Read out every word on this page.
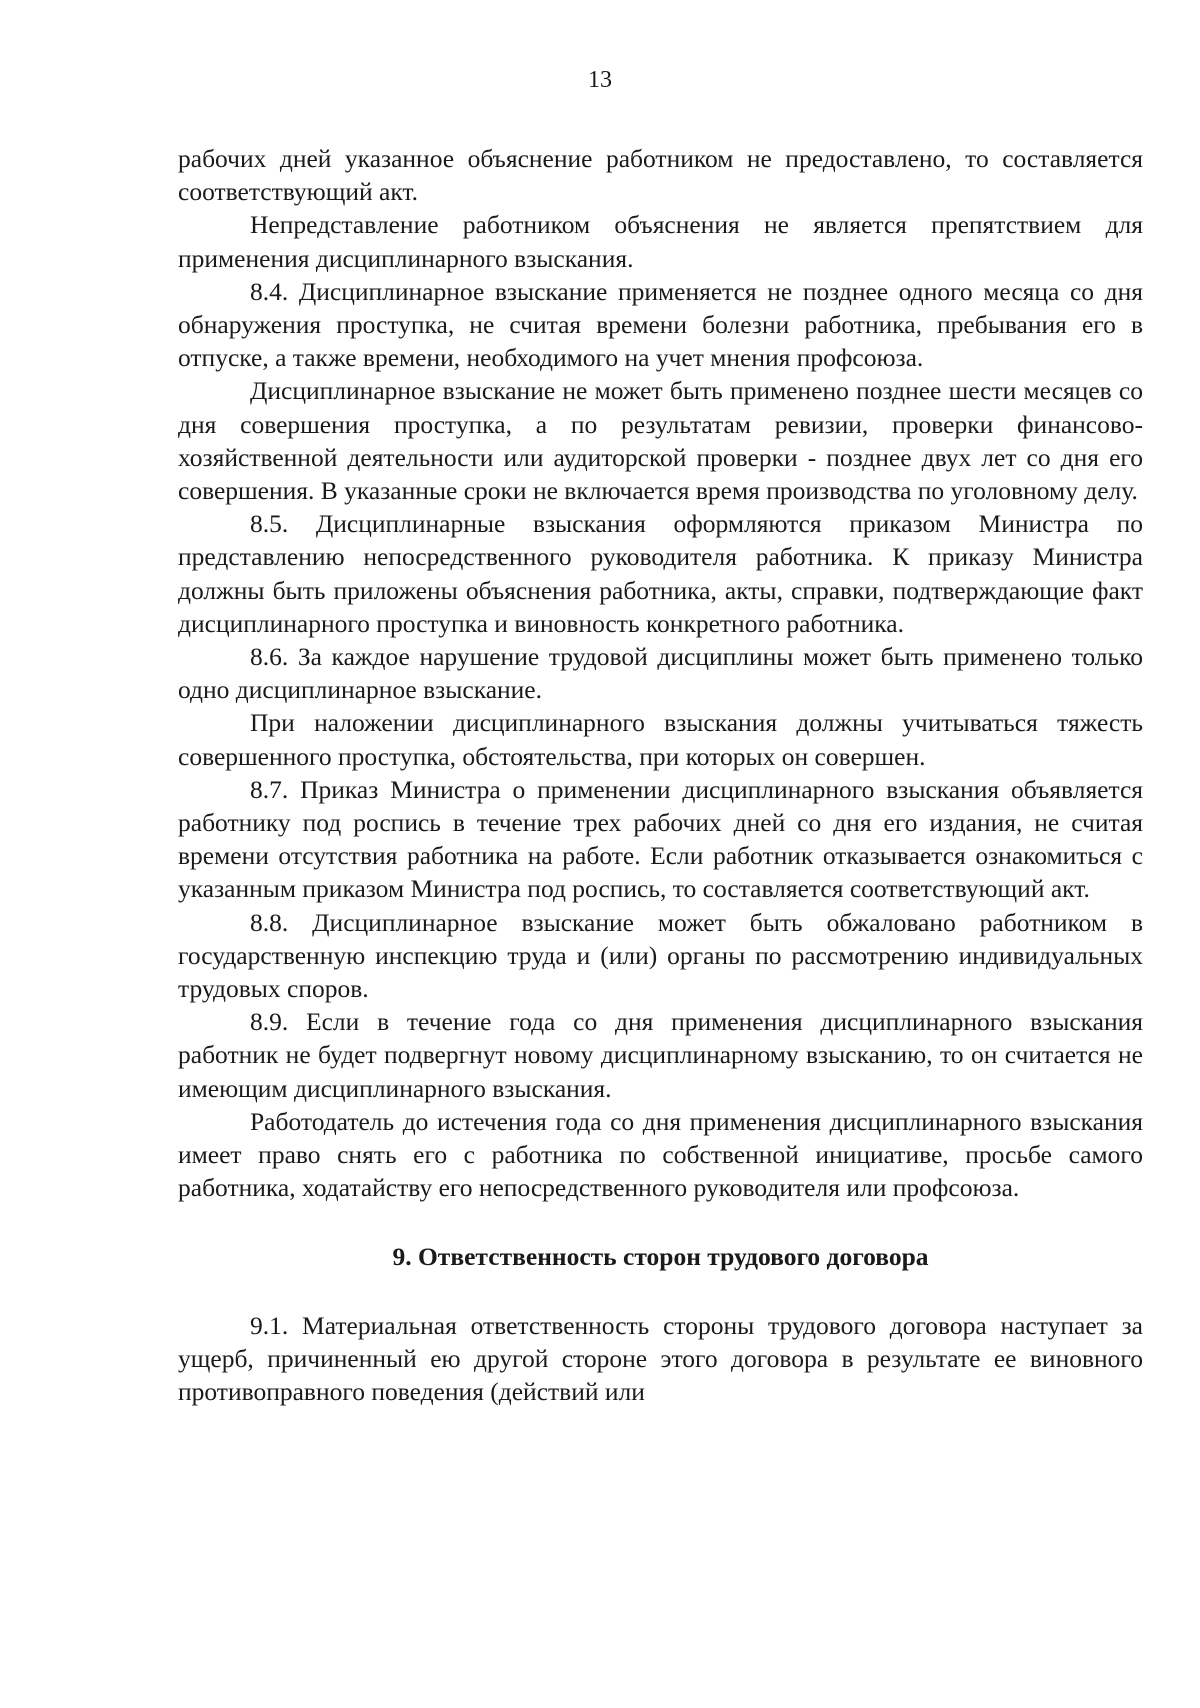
13

рабочих дней указанное объяснение работником не предоставлено, то составляется соответствующий акт.

Непредставление работником объяснения не является препятствием для применения дисциплинарного взыскания.

8.4. Дисциплинарное взыскание применяется не позднее одного месяца со дня обнаружения проступка, не считая времени болезни работника, пребывания его в отпуске, а также времени, необходимого на учет мнения профсоюза.

Дисциплинарное взыскание не может быть применено позднее шести месяцев со дня совершения проступка, а по результатам ревизии, проверки финансово-хозяйственной деятельности или аудиторской проверки - позднее двух лет со дня его совершения. В указанные сроки не включается время производства по уголовному делу.

8.5. Дисциплинарные взыскания оформляются приказом Министра по представлению непосредственного руководителя работника. К приказу Министра должны быть приложены объяснения работника, акты, справки, подтверждающие факт дисциплинарного проступка и виновность конкретного работника.

8.6. За каждое нарушение трудовой дисциплины может быть применено только одно дисциплинарное взыскание.

При наложении дисциплинарного взыскания должны учитываться тяжесть совершенного проступка, обстоятельства, при которых он совершен.

8.7. Приказ Министра о применении дисциплинарного взыскания объявляется работнику под роспись в течение трех рабочих дней со дня его издания, не считая времени отсутствия работника на работе. Если работник отказывается ознакомиться с указанным приказом Министра под роспись, то составляется соответствующий акт.

8.8. Дисциплинарное взыскание может быть обжаловано работником в государственную инспекцию труда и (или) органы по рассмотрению индивидуальных трудовых споров.

8.9. Если в течение года со дня применения дисциплинарного взыскания работник не будет подвергнут новому дисциплинарному взысканию, то он считается не имеющим дисциплинарного взыскания.

Работодатель до истечения года со дня применения дисциплинарного взыскания имеет право снять его с работника по собственной инициативе, просьбе самого работника, ходатайству его непосредственного руководителя или профсоюза.

9. Ответственность сторон трудового договора

9.1. Материальная ответственность стороны трудового договора наступает за ущерб, причиненный ею другой стороне этого договора в результате ее виновного противоправного поведения (действий или
